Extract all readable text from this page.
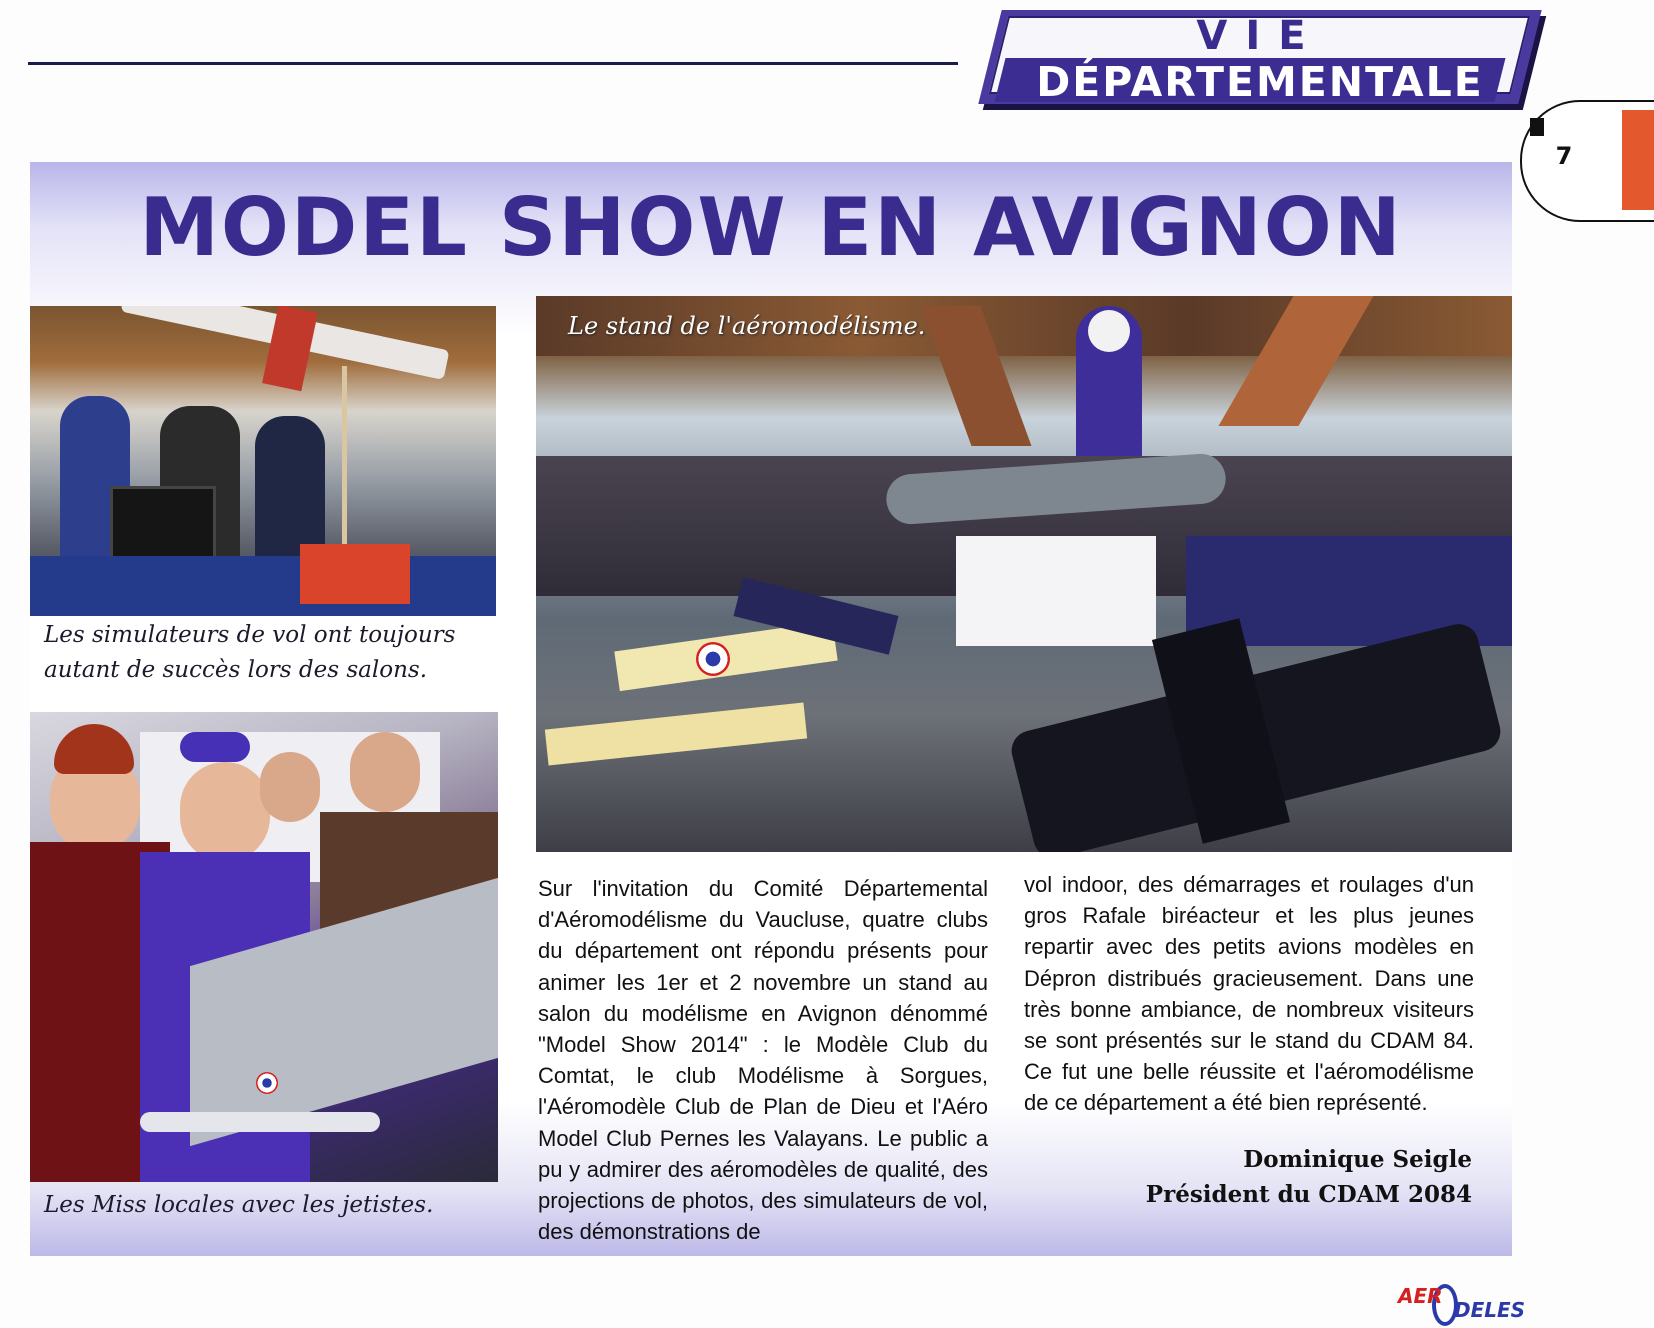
VIE
DÉPARTEMENTALE
7
MODEL SHOW EN AVIGNON
Le stand de l'aéromodélisme.
Les simulateurs de vol ont toujours autant de succès lors des salons.
Les Miss locales avec les jetistes.
Sur l'invitation du Comité Départemental d'Aéromodélisme du Vaucluse, quatre clubs du département ont répondu présents pour animer les 1er et 2 novembre un stand au salon du modélisme en Avignon dénommé "Model Show 2014" : le Modèle Club du Comtat, le club Modélisme à Sorgues, l'Aéromodèle Club de Plan de Dieu et l'Aéro Model Club Pernes les Valayans. Le public a pu y admirer des aéromodèles de qualité, des projections de photos, des simulateurs de vol, des démonstrations de
vol indoor, des démarrages et roulages d'un gros Rafale biréacteur et les plus jeunes repartir avec des petits avions modèles en Dépron distribués gracieusement. Dans une très bonne ambiance, de nombreux visiteurs se sont présentés sur le stand du CDAM 84. Ce fut une belle réussite et l'aéromodélisme de ce département a été bien représenté.
Dominique Seigle
Président du CDAM 2084
AER
DELES
